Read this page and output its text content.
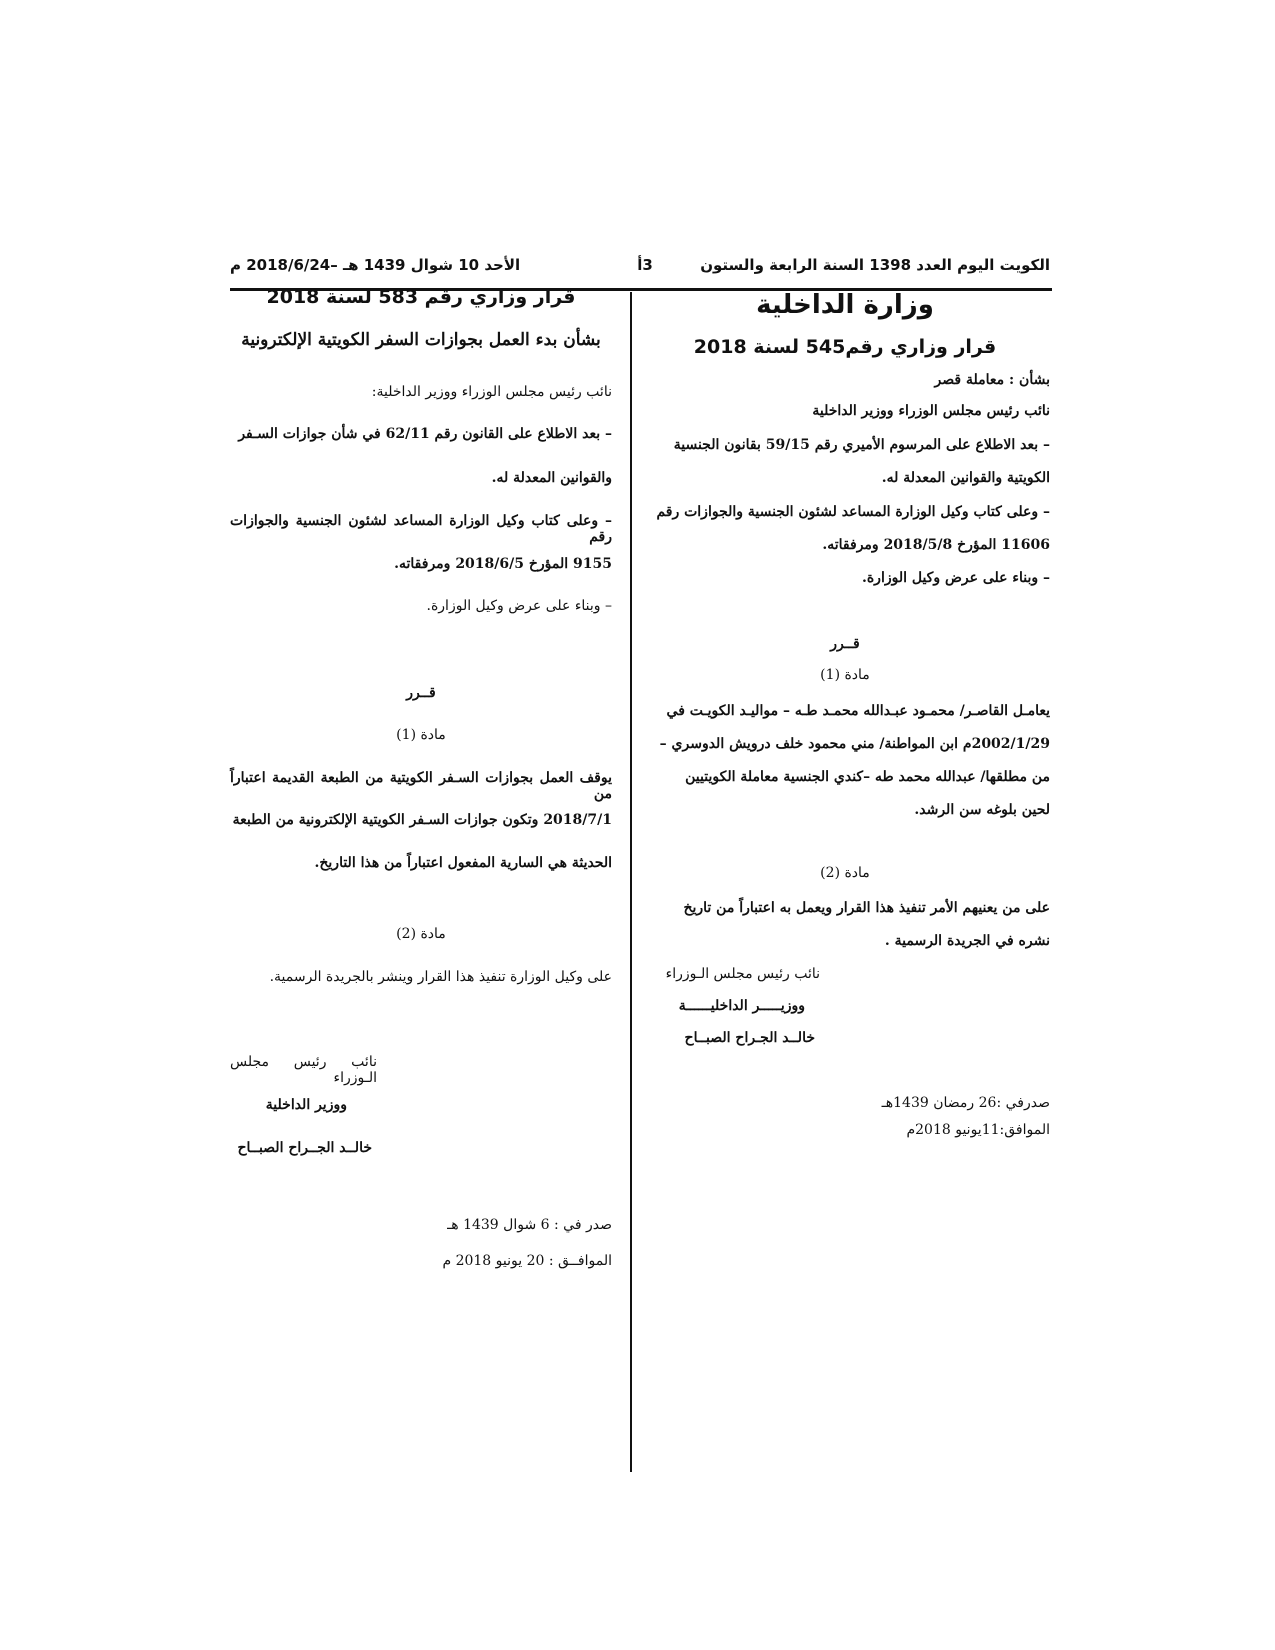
الكويت اليوم العدد 1398 السنة الرابعة والستون
3أ
الأحد 10 شوال 1439 هـ –2018/6/24 م
وزارة الداخلية
قرار وزاري رقم545 لسنة 2018
بشأن : معاملة قصر
نائب رئيس مجلس الوزراء ووزير الداخلية
– بعد الاطلاع على المرسوم الأميري رقم 59/15 بقانون الجنسية
الكويتية والقوانين المعدلة له.
– وعلى كتاب وكيل الوزارة المساعد لشئون الجنسية والجوازات رقم
11606 المؤرخ 2018/5/8 ومرفقاته.
– وبناء على عرض وكيل الوزارة.
قــرر
مادة (1)
يعامـل القاصـر/ محمـود عبـدالله محمـد طـه – مواليـد الكويـت في
2002/1/29م ابن المواطنة/ مني محمود خلف درويش الدوسري –
من مطلقها/ عبدالله محمد طه –كندي الجنسية معاملة الكويتيين
لحين بلوغه سن الرشد.
مادة (2)
على من يعنيهم الأمر تنفيذ هذا القرار ويعمل به اعتباراً من تاريخ
نشره في الجريدة الرسمية .
نائب رئيس مجلس الـوزراء
ووزيـــــر الداخليــــــة
خالــد الجـراح الصبــاح
صدرفي :26 رمضان 1439هـ
الموافق:11يونيو 2018م
قرار وزاري رقم 583 لسنة 2018
بشأن بدء العمل بجوازات السفر الكويتية الإلكترونية
نائب رئيس مجلس الوزراء ووزير الداخلية:
– بعد الاطلاع على القانون رقم 62/11 في شأن جوازات السـفر
والقوانين المعدلة له.
– وعلى كتاب وكيل الوزارة المساعد لشئون الجنسية والجوازات رقم
9155 المؤرخ 2018/6/5 ومرفقاته.
– وبناء على عرض وكيل الوزارة.
قــرر
مادة (1)
يوقف العمل بجوازات السـفر الكويتية من الطبعة القديمة اعتباراً من
2018/7/1 وتكون جوازات السـفر الكويتية الإلكترونية من الطبعة
الحديثة هي السارية المفعول اعتباراً من هذا التاريخ.
مادة (2)
على وكيل الوزارة تنفيذ هذا القرار وينشر بالجريدة الرسمية.
نائب رئيس مجلس الـوزراء
ووزير الداخلية
خالــد الجــراح الصبــاح
صدر في : 6 شوال 1439 هـ
الموافــق : 20 يونيو 2018 م
